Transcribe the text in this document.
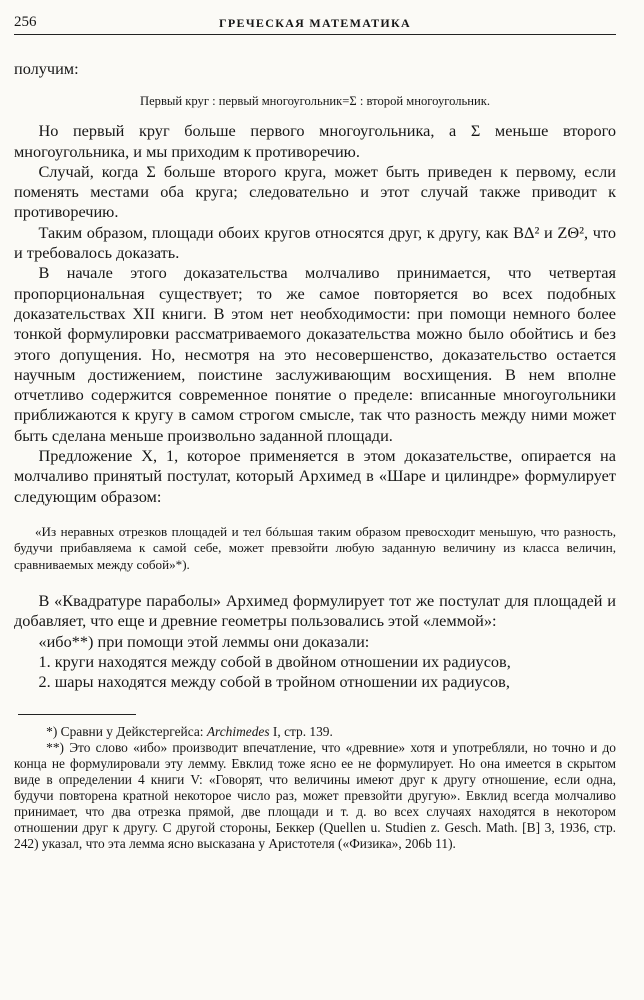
256	ГРЕЧЕСКАЯ МАТЕМАТИКА

получим:

Первый круг : первый многоугольник=Σ : второй многоугольник.

Но первый круг больше первого многоугольника, а Σ меньше второго многоугольника, и мы приходим к противоречию.

Случай, когда Σ больше второго круга, может быть приведен к первому, если поменять местами оба круга; следовательно и этот случай также приводит к противоречию.

Таким образом, площади обоих кругов относятся друг, к другу, как ВΔ² и ΖΘ², что и требовалось доказать.

В начале этого доказательства молчаливо принимается, что четвертая пропорциональная существует; то же самое повторяется во всех подобных доказательствах XII книги. В этом нет необходимости: при помощи немного более тонкой формулировки рассматриваемого доказательства можно было обойтись и без этого допущения. Но, несмотря на это несовершенство, доказательство остается научным достижением, поистине заслуживающим восхищения. В нем вполне отчетливо содержится современное понятие о пределе: вписанные многоугольники приближаются к кругу в самом строгом смысле, так что разность между ними может быть сделана меньше произвольно заданной площади.

Предложение X, 1, которое применяется в этом доказательстве, опирается на молчаливо принятый постулат, который Архимед в «Шаре и цилиндре» формулирует следующим образом:

«Из неравных отрезков площадей и тел бóльшая таким образом превосходит меньшую, что разность, будучи прибавляема к самой себе, может превзойти любую заданную величину из класса величин, сравниваемых между собой»*).

В «Квадратуре параболы» Архимед формулирует тот же постулат для площадей и добавляет, что еще и древние геометры пользовались этой «леммой»:

«ибо**) при помощи этой леммы они доказали:

1. круги находятся между собой в двойном отношении их радиусов,

2. шары находятся между собой в тройном отношении их радиусов,

*) Сравни у Дейкстергейса: Archimedes I, стр. 139.

**) Это слово «ибо» производит впечатление, что «древние» хотя и употребляли, но точно и до конца не формулировали эту лемму. Евклид тоже ясно ее не формулирует. Но она имеется в скрытом виде в определении 4 книги V: «Говорят, что величины имеют друг к другу отношение, если одна, будучи повторена кратной некоторое число раз, может превзойти другую». Евклид всегда молчаливо принимает, что два отрезка прямой, две площади и т. д. во всех случаях находятся в некотором отношении друг к другу. С другой стороны, Беккер (Quellen u. Studien z. Gesch. Math. [B] 3, 1936, стр. 242) указал, что эта лемма ясно высказана у Аристотеля («Физика», 206b 11).
